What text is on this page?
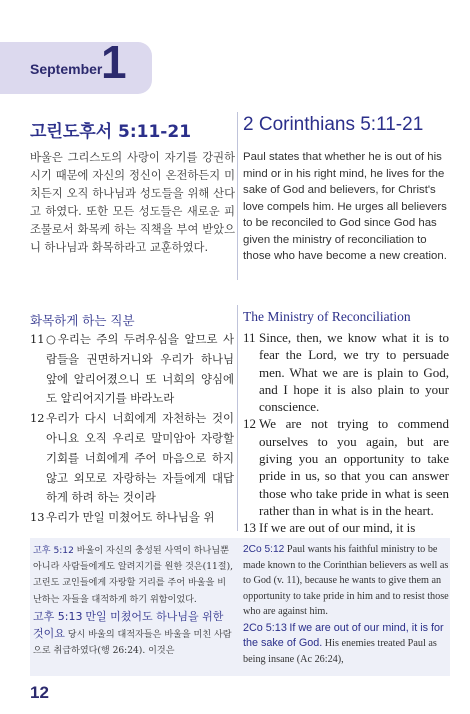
September
1
고린도후서 5:11-21	2 Corinthians 5:11-21
바울은 그리스도의 사랑이 자기를 강권하시기 때문에 자신의 정신이 온전하든지 미치든지 오직 하나님과 성도들을 위해 산다고 하였다. 또한 모든 성도들은 새로운 피조물로서 화목케 하는 직책을 부여 받았으니 하나님과 화목하라고 교훈하였다.
Paul states that whether he is out of his mind or in his right mind, he lives for the sake of God and believers, for Christ's love compels him. He urges all believers to be reconciled to God since God has given the ministry of reconciliation to those who have become a new creation.
화목하게 하는 직분	The Ministry of Reconciliation
11 ○우리는 주의 두려우심을 알므로 사람들을 권면하거니와 우리가 하나님 앞에 알리어졌으니 또 너희의 양심에도 알리어지기를 바라노라
12 우리가 다시 너희에게 자천하는 것이 아니요 오직 우리로 말미암아 자랑할 기회를 너희에게 주어 마음으로 하지 않고 외모로 자랑하는 자들에게 대답하게 하려 하는 것이라
13 우리가 만일 미쳤어도 하나님을 위
11 Since, then, we know what it is to fear the Lord, we try to persuade men. What we are is plain to God, and I hope it is also plain to your conscience.
12 We are not trying to commend ourselves to you again, but are giving you an opportunity to take pride in us, so that you can answer those who take pride in what is seen rather than in what is in the heart.
13 If we are out of our mind, it is
고후 5:12 바울이 자신의 충성된 사역이 하나님뿐 아니라 사람들에게도 알려지기를 원한 것은(11절), 고린도 교인들에게 자랑할 거리를 주어 바울을 비난하는 자들을 대적하게 하기 위함이었다.
고후 5:13 만일 미쳤어도 하나님을 위한 것이요 당시 바울의 대적자들은 바울을 미친 사람으로 취급하였다(행 26:24). 이것은
2Co 5:12 Paul wants his faithful ministry to be made known to the Corinthian believers as well as to God (v. 11), because he wants to give them an opportunity to take pride in him and to resist those who are against him.
2Co 5:13 If we are out of our mind, it is for the sake of God. His enemies treated Paul as being insane (Ac 26:24),
12
